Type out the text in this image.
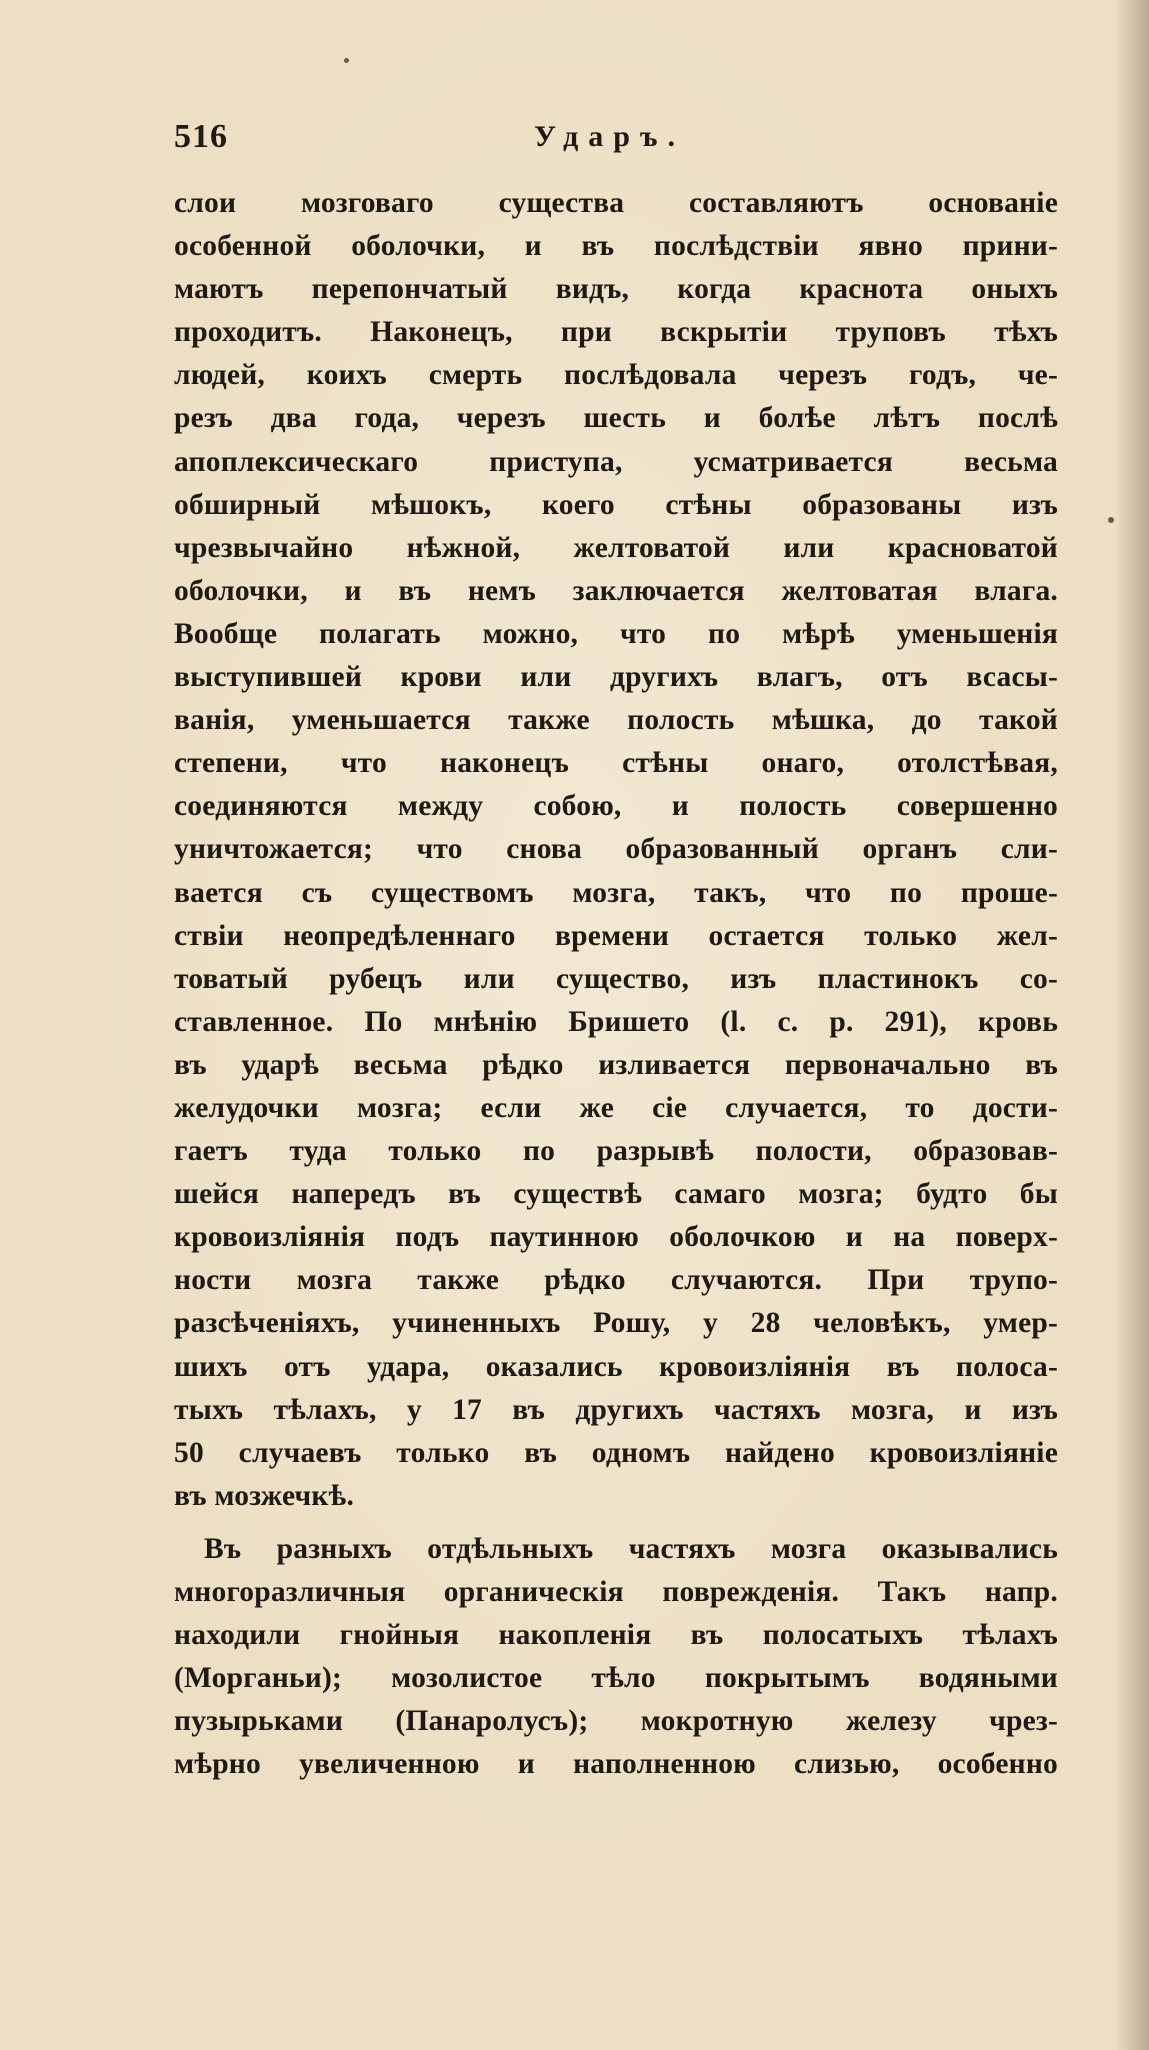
516	Ударъ.
слои мозговаго существа составляютъ основаніе
особенной оболочки, и въ послѣдствіи явно прини-
маютъ перепончатый видъ, когда краснота оныхъ
проходитъ. Наконецъ, при вскрытіи труповъ тѣхъ
людей, коихъ смерть послѣдовала черезъ годъ, че-
резъ два года, черезъ шесть и болѣе лѣтъ послѣ
апоплексическаго приступа, усматривается весьма
обширный мѣшокъ, коего стѣны образованы изъ
чрезвычайно нѣжной, желтоватой или красноватой
оболочки, и въ немъ заключается желтоватая влага.
Вообще полагать можно, что по мѣрѣ уменьшенія
выступившей крови или другихъ влагъ, отъ всасы-
ванія, уменьшается также полость мѣшка, до такой
степени, что наконецъ стѣны онаго, отолстѣвая,
соединяются между собою, и полость совершенно
уничтожается; что снова образованный органъ сли-
вается съ существомъ мозга, такъ, что по проше-
ствіи неопредѣленнаго времени остается только жел-
товатый рубецъ или существо, изъ пластинокъ со-
ставленное. По мнѣнію Бришето (l. c. p. 291), кровь
въ ударѣ весьма рѣдко изливается первоначально въ
желудочки мозга; если же сіе случается, то дости-
гаетъ туда только по разрывѣ полости, образовав-
шейся напередъ въ существѣ самаго мозга; будто бы
кровоизліянія подъ паутинною оболочкою и на поверх-
ности мозга также рѣдко случаются. При трупо-
разсѣченіяхъ, учиненныхъ Рошу, у 28 человѣкъ, умер-
шихъ отъ удара, оказались кровоизліянія въ полоса-
тыхъ тѣлахъ, у 17 въ другихъ частяхъ мозга, и изъ
50 случаевъ только въ одномъ найдено кровоизліяніе
въ мозжечкѣ.
Въ разныхъ отдѣльныхъ частяхъ мозга оказывались
многоразличныя органическія поврежденія. Такъ напр.
находили гнойныя накопленія въ полосатыхъ тѣлахъ
(Морганьи); мозолистое тѣло покрытымъ водяными
пузырьками (Панаролусъ); мокротную железу чрез-
мѣрно увеличенною и наполненною слизью, особенно
